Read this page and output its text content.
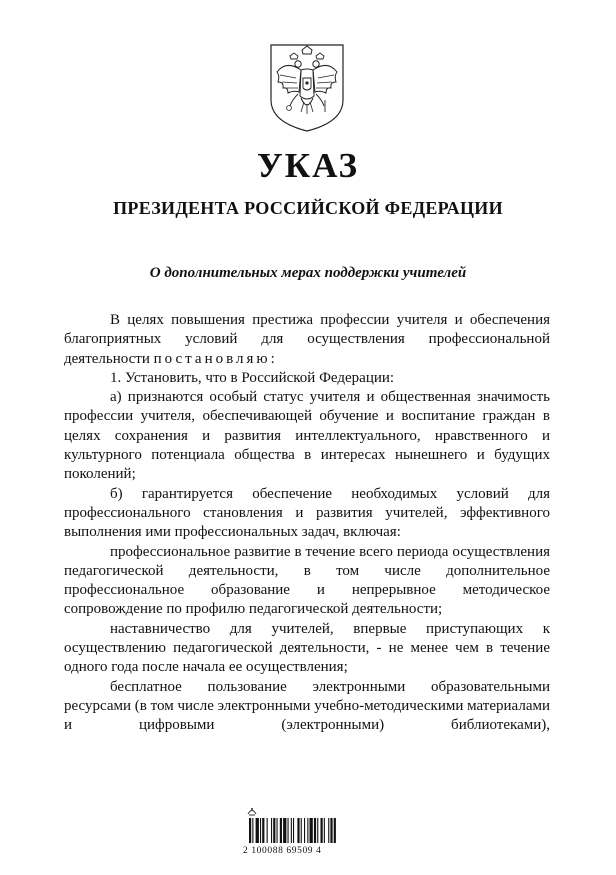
УКАЗ
ПРЕЗИДЕНТА РОССИЙСКОЙ ФЕДЕРАЦИИ
О дополнительных мерах поддержки учителей

В целях повышения престижа профессии учителя и обеспечения благоприятных условий для осуществления профессиональной деятельности постановляю:

1. Установить, что в Российской Федерации:

а) признаются особый статус учителя и общественная значимость профессии учителя, обеспечивающей обучение и воспитание граждан в целях сохранения и развития интеллектуального, нравственного и культурного потенциала общества в интересах нынешнего и будущих поколений;

б) гарантируется обеспечение необходимых условий для профессионального становления и развития учителей, эффективного выполнения ими профессиональных задач, включая:

профессиональное развитие в течение всего периода осуществления педагогической деятельности, в том числе дополнительное профессиональное образование и непрерывное методическое сопровождение по профилю педагогической деятельности;

наставничество для учителей, впервые приступающих к осуществлению педагогической деятельности, - не менее чем в течение одного года после начала ее осуществления;

бесплатное пользование электронными образовательными ресурсами (в том числе электронными учебно-методическими материалами и цифровыми (электронными) библиотеками),

2 100088 69509 4
